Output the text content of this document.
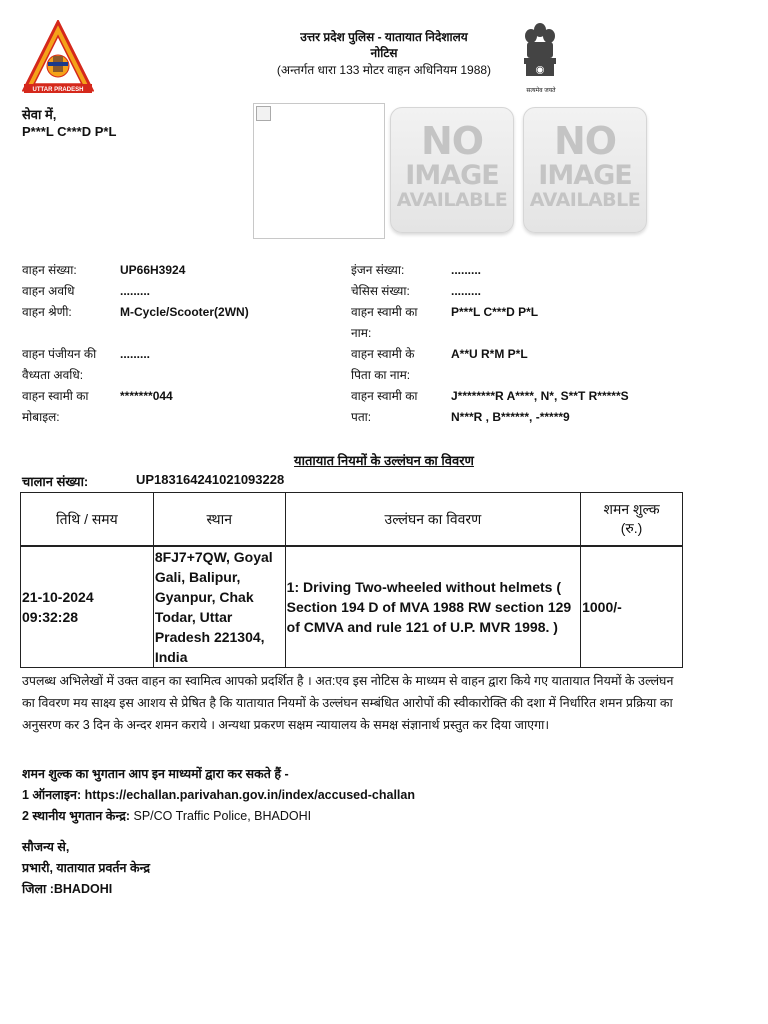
UTTAR PRADESH
उत्तर प्रदेश पुलिस - यातायात निदेशालय
नोटिस
(अन्तर्गत धारा 133 मोटर वाहन अधिनियम 1988)
सत्यमेव जयते
सेवा में,
P***L C***D P*L	NO
IMAGE
AVAILABLE
NO
IMAGE
AVAILABLE
वाहन संख्या:	UP66H3924
वाहन अवधि	.........
वाहन श्रेणी:	M-Cycle/Scooter(2WN)
वाहन पंजीयन की
वैध्यता अवधि:
.........
वाहन स्वामी का
मोबाइल:
*******044
इंजन संख्या:	.........
चेसिस संख्या:	.........
वाहन स्वामी का
नाम:
P***L C***D P*L
वाहन स्वामी के
पिता का नाम:
A**U R*M P*L
वाहन स्वामी का
पता:
J********R A****, N*, S**T R*****S
N***R , B******, -*****9
यातायात नियमों के उल्लंघन का विवरण
चालान संख्या:	UP18316424102109322​8
तिथि / समय	स्थान	उल्लंघन का विवरण	शमन शुल्क
(रु.)

21-10-2024
09:32:28	8FJ7+7QW, Goyal Gali, Balipur, Gyanpur, Chak Todar, Uttar Pradesh 221304, India	1: Driving Two-wheeled without helmets ( Section 194 D of MVA 1988 RW section 129 of CMVA and rule 121 of U.P. MVR 1998. )	1000/-
उपलब्ध अभिलेखों में उक्त वाहन का स्वामित्व आपको प्रदर्शित है । अत:एव इस नोटिस के माध्यम से वाहन द्वारा किये गए यातायात नियमों के उल्लंघन का विवरण मय साक्ष्य इस आशय से प्रेषित है कि यातायात नियमों के उल्लंघन सम्बंधित आरोपों की स्वीकारोक्ति की दशा में निर्धारित शमन प्रक्रिया का अनुसरण कर 3 दिन के अन्दर शमन कराये । अन्यथा प्रकरण सक्षम न्यायालय के समक्ष संज्ञानार्थ प्रस्तुत कर दिया जाएगा।
शमन शुल्क का भुगतान आप इन माध्यमों द्वारा कर सकते हैं -
1 ऑनलाइन: https://echallan.parivahan.gov.in/index/accused-challan
2 स्थानीय भुगतान केन्द्र: SP/CO Traffic Police, BHADOHI
सौजन्य से,
प्रभारी, यातायात प्रवर्तन केन्द्र
जिला :BHADOHI
